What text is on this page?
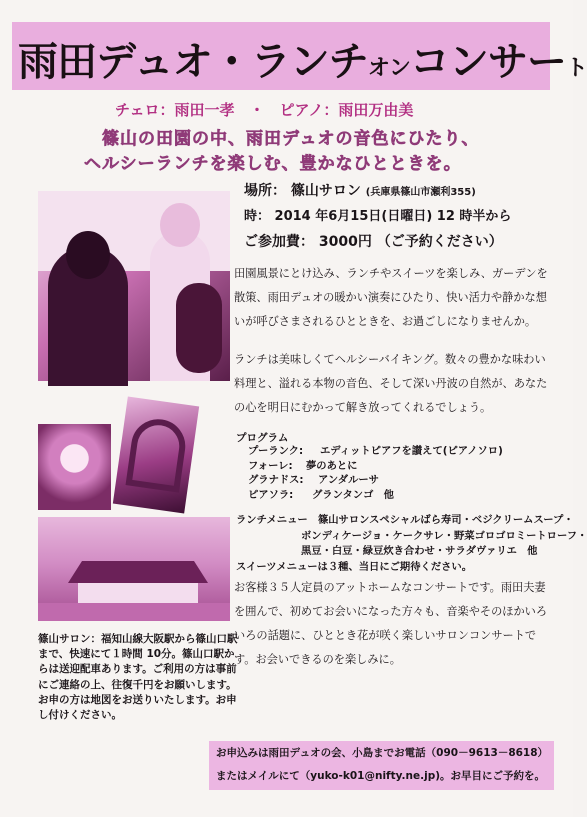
雨田デュオ・ランチオンコンサート
チェロ：雨田一孝　・　ピアノ：雨田万由美
篠山の田園の中、雨田デュオの音色にひたり、
ヘルシーランチを楽しむ、豊かなひとときを。
場所： 篠山サロン (兵庫県篠山市瀬利355)
時： 2014 年6月15日(日曜日) 12 時半から
ご参加費： 3000円 （ご予約ください）
田園風景にとけ込み、ランチやスイーツを楽しみ、ガーデンを
散策、雨田デュオの暖かい演奏にひたり、快い活力や静かな想
いが呼びさまされるひとときを、お過ごしになりませんか。
ランチは美味しくてヘルシーバイキング。数々の豊かな味わい
料理と、溢れる本物の音色、そして深い丹波の自然が、あなた
の心を明日にむかって解き放ってくれるでしょう。
プログラム
プーランク: エディットピアフを讃えて(ピアノソロ)
フォーレ: 夢のあとに
グラナドス: アンダルーサ
ピアソラ: グランタンゴ　他
ランチメニュー　篠山サロンスペシャルばら寿司・ベジクリームスープ・
ボンディケージョ・ケークサレ・野菜ゴロゴロミートローフ・
黒豆・白豆・緑豆炊き合わせ・サラダヴァリエ　他
スイーツメニューは３種、当日にご期待ください。
お客様３５人定員のアットホームなコンサートです。雨田夫妻
を囲んで、初めてお会いになった方々も、音楽やそのほかいろ
いろの話題に、ひととき花が咲く楽しいサロンコンサートで
す。お会いできるのを楽しみに。
篠山サロン：福知山線大阪駅から篠山口駅まで、快速にて１時間 10分。篠山口駅からは送迎配車あります。ご利用の方は事前にご連絡の上、往復千円をお願いします。 お申の方は地図をお送りいたします。お申し付けください。
お申込みは雨田デュオの会、小島までお電話（090－9613－8618）
またはメイルにて（yuko-k01@nifty.ne.jp)。お早目にご予約を。
